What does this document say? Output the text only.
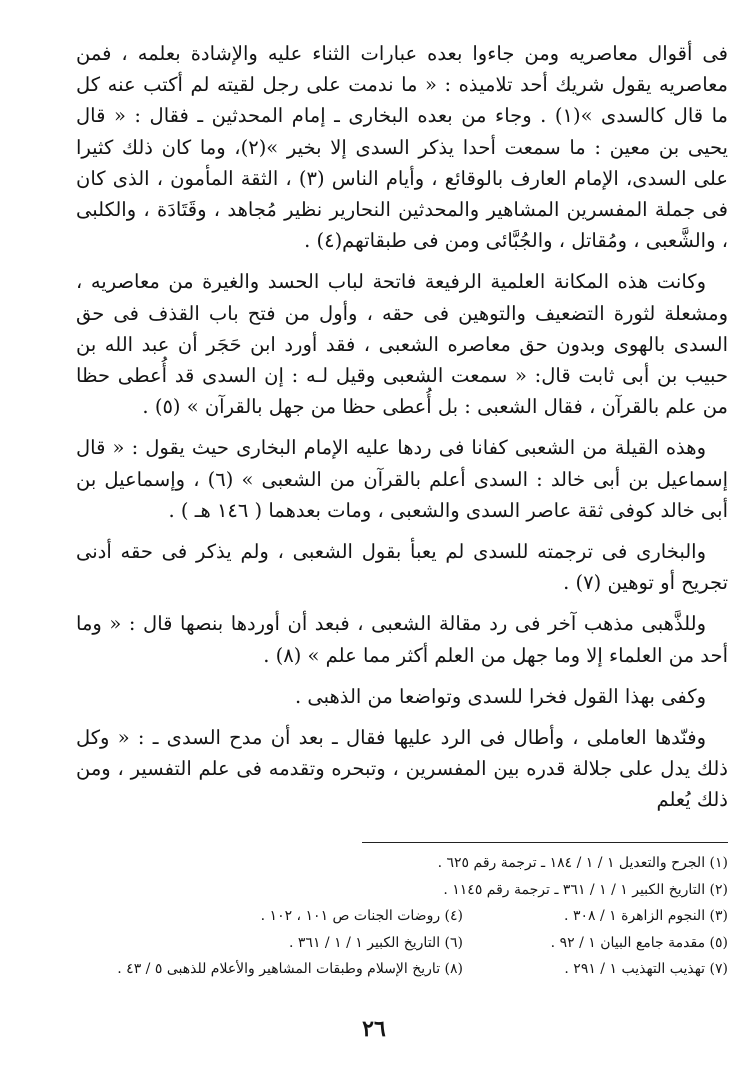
فى أقوال معاصريه ومن جاءوا بعده عبارات الثناء عليه والإشادة بعلمه ، فمن معاصريه يقول شريك أحد تلاميذه : « ما ندمت على رجل لقيته لم أكتب عنه كل ما قال كالسدى »(١) . وجاء من بعده البخارى ـ إمام المحدثين ـ فقال : « قال يحيى بن معين : ما سمعت أحدا يذكر السدى إلا بخير »(٢)، وما كان ذلك كثيرا على السدى، الإمام العارف بالوقائع ، وأيام الناس (٣) ، الثقة المأمون ، الذى كان فى جملة المفسرين المشاهير والمحدثين النحارير نظير مُجاهد ، وقَتَادَة ، والكلبى ، والشَّعبى ، ومُقاتل ، والجُبَّائى ومن فى طبقاتهم(٤) .

وكانت هذه المكانة العلمية الرفيعة فاتحة لباب الحسد والغيرة من معاصريه ، ومشعلة لثورة التضعيف والتوهين فى حقه ، وأول من فتح باب القذف فى حق السدى بالهوى وبدون حق معاصره الشعبى ، فقد أورد ابن حَجَر أن عبد الله بن حبيب بن أبى ثابت قال: « سمعت الشعبى وقيل لـه : إن السدى قد أُعطى حظا من علم بالقرآن ، فقال الشعبى : بل أُعطى حظا من جهل بالقرآن » (٥) .

وهذه القيلة من الشعبى كفانا فى ردها عليه الإمام البخارى حيث يقول : « قال إسماعيل بن أبى خالد : السدى أعلم بالقرآن من الشعبى » (٦) ، وإسماعيل بن أبى خالد كوفى ثقة عاصر السدى والشعبى ، ومات بعدهما ( ١٤٦ هـ ) .

والبخارى فى ترجمته للسدى لم يعبأ بقول الشعبى ، ولم يذكر فى حقه أدنى تجريح أو توهين (٧) .

وللذَّهبى مذهب آخر فى رد مقالة الشعبى ، فبعد أن أوردها بنصها قال : « وما أحد من العلماء إلا وما جهل من العلم أكثر مما علم » (٨) .

وكفى بهذا القول فخرا للسدى وتواضعا من الذهبى .

وفنّدها العاملى ، وأطال فى الرد عليها فقال ـ بعد أن مدح السدى ـ : « وكل ذلك يدل على جلالة قدره بين المفسرين ، وتبحره وتقدمه فى علم التفسير ، ومن ذلك يُعلم

(١) الجرح والتعديل ١ / ١ / ١٨٤ ـ ترجمة رقم ٦٢٥ .
(٢) التاريخ الكبير ١ / ١ / ٣٦١ ـ ترجمة رقم ١١٤٥ .
(٣) النجوم الزاهرة ١ / ٣٠٨ .
(٤) روضات الجنات ص ١٠١ ، ١٠٢ .
(٥) مقدمة جامع البيان ١ / ٩٢ .
(٦) التاريخ الكبير ١ / ١ / ٣٦١ .
(٧) تهذيب التهذيب ١ / ٢٩١ .
(٨) تاريخ الإسلام وطبقات المشاهير والأعلام للذهبى ٥ / ٤٣ .
٢٦
